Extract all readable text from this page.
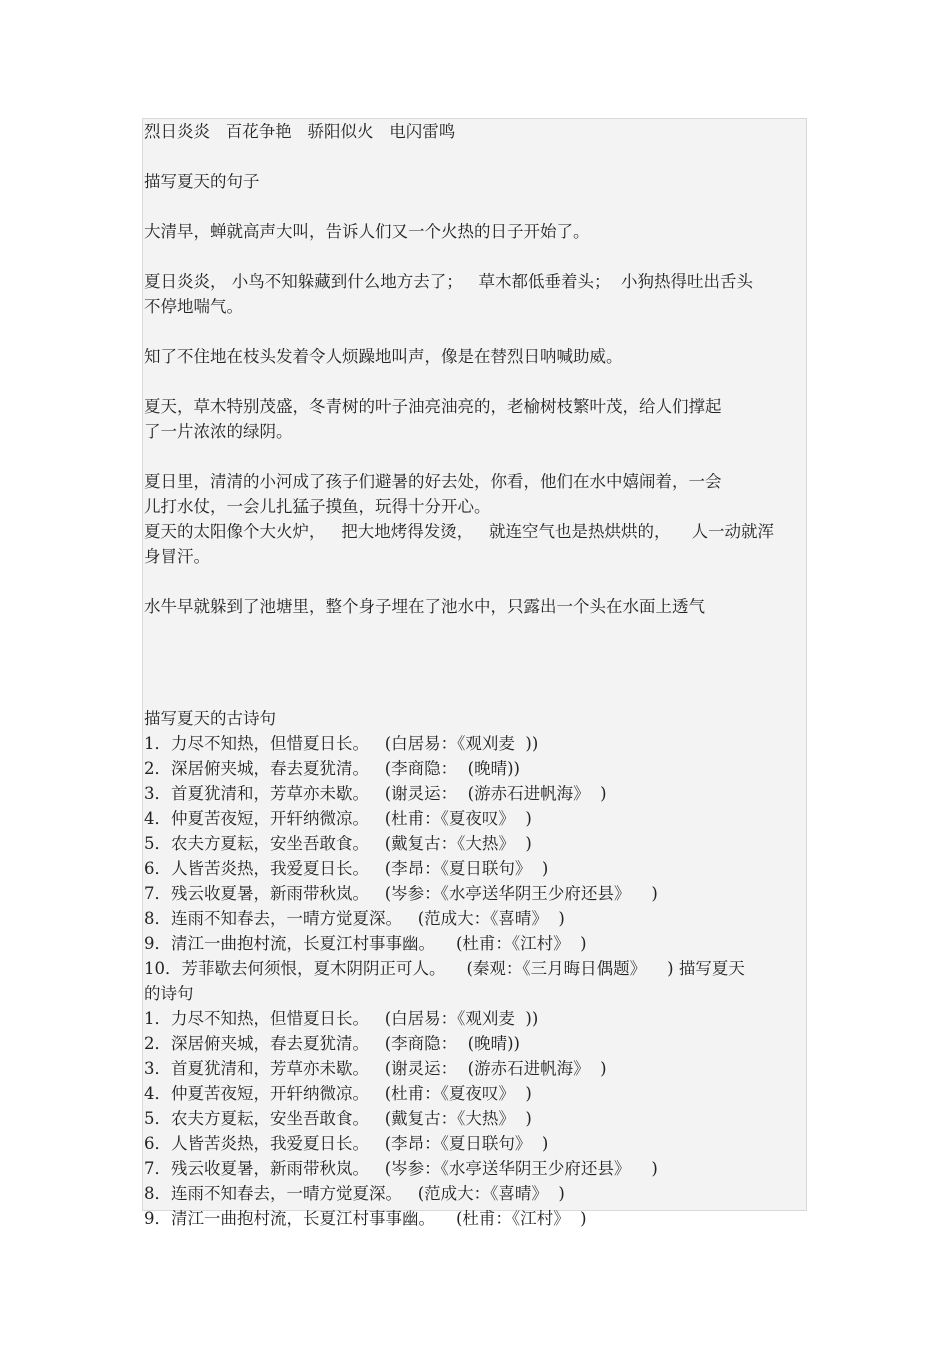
烈日炎炎   百花争艳   骄阳似火   电闪雷鸣

描写夏天的句子

大清早，蝉就高声大叫，告诉人们又一个火热的日子开始了。

夏日炎炎， 小鸟不知躲藏到什么地方去了；   草木都低垂着头；  小狗热得吐出舌头
不停地喘气。

知了不住地在枝头发着令人烦躁地叫声，像是在替烈日呐喊助威。

夏天，草木特别茂盛，冬青树的叶子油亮油亮的，老榆树枝繁叶茂，给人们撑起
了一片浓浓的绿阴。

夏日里，清清的小河成了孩子们避暑的好去处，你看，他们在水中嬉闹着，一会
儿打水仗，一会儿扎猛子摸鱼，玩得十分开心。

夏天的太阳像个大火炉，   把大地烤得发烫，   就连空气也是热烘烘的，    人一动就浑
身冒汗。

水牛早就躲到了池塘里，整个身子埋在了池水中，只露出一个头在水面上透气

描写夏天的古诗句

1．力尽不知热，但惜夏日长。   (白居易：《观刈麦  ))
2．深居俯夹城，春去夏犹清。   (李商隐：  (晚晴))
3．首夏犹清和，芳草亦未歇。   (谢灵运：  (游赤石进帆海》  )
4．仲夏苦夜短，开轩纳微凉。   (杜甫：《夏夜叹》  )
5．农夫方夏耘，安坐吾敢食。   (戴复古：《大热》  )
6．人皆苦炎热，我爱夏日长。   (李昂：《夏日联句》  )
7．残云收夏暑，新雨带秋岚。   (岑参：《水亭送华阴王少府还县》    )
8．连雨不知春去，一晴方觉夏深。   (范成大：《喜晴》  )
9．清江一曲抱村流，长夏江村事事幽。    (杜甫：《江村》  )
10．芳菲歇去何须恨，夏木阴阴正可人。    (秦观：《三月晦日偶题》    ) 描写夏天
的诗句
1．力尽不知热，但惜夏日长。   (白居易：《观刈麦  ))
2．深居俯夹城，春去夏犹清。   (李商隐：  (晚晴))
3．首夏犹清和，芳草亦未歇。   (谢灵运：  (游赤石进帆海》  )
4．仲夏苦夜短，开轩纳微凉。   (杜甫：《夏夜叹》  )
5．农夫方夏耘，安坐吾敢食。   (戴复古：《大热》  )
6．人皆苦炎热，我爱夏日长。   (李昂：《夏日联句》  )
7．残云收夏暑，新雨带秋岚。   (岑参：《水亭送华阴王少府还县》    )
8．连雨不知春去，一晴方觉夏深。   (范成大：《喜晴》  )
9．清江一曲抱村流，长夏江村事事幽。    (杜甫：《江村》  )
